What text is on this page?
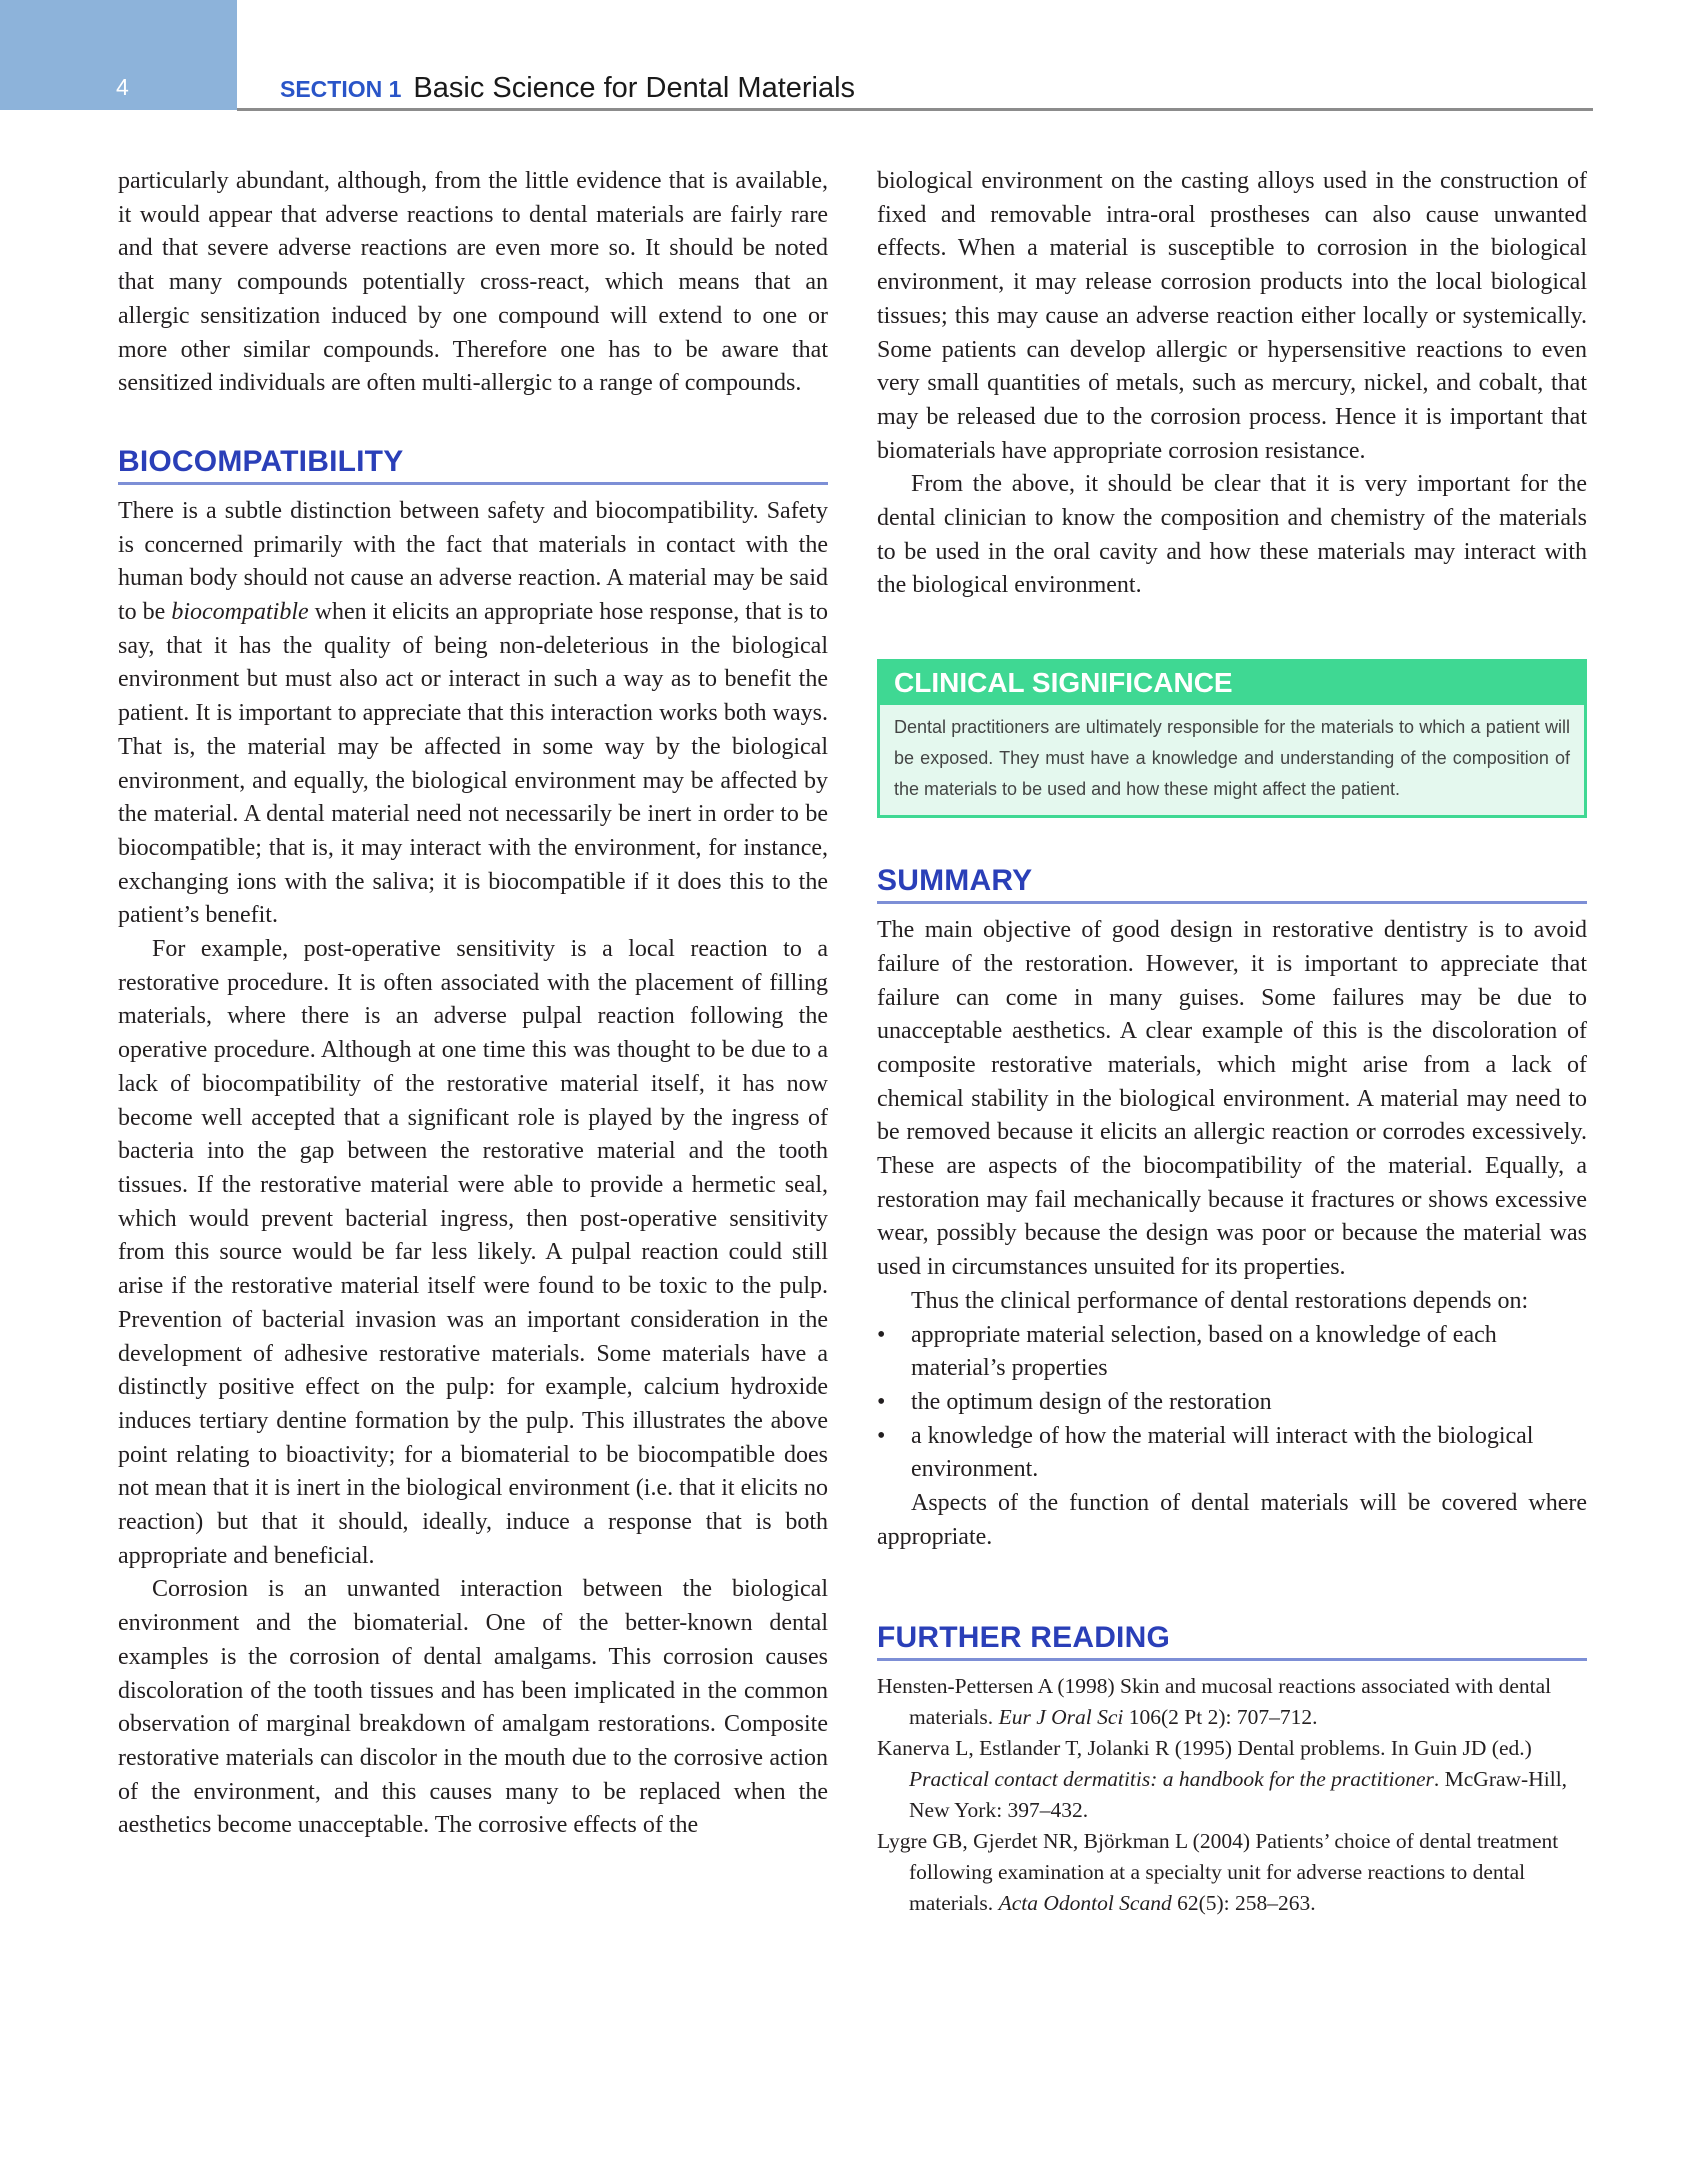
4	SECTION 1 Basic Science for Dental Materials

particularly abundant, although, from the little evidence that is available, it would appear that adverse reactions to dental materials are fairly rare and that severe adverse reactions are even more so. It should be noted that many compounds potentially cross-react, which means that an allergic sensitization induced by one compound will extend to one or more other similar compounds. Therefore one has to be aware that sensitized individuals are often multi-allergic to a range of compounds.

BIOCOMPATIBILITY

There is a subtle distinction between safety and biocompatibility. Safety is concerned primarily with the fact that materials in contact with the human body should not cause an adverse reaction. A material may be said to be biocompatible when it elicits an appropriate hose response, that is to say, that it has the quality of being non-deleterious in the biological environment but must also act or interact in such a way as to benefit the patient. It is important to appreciate that this interaction works both ways. That is, the material may be affected in some way by the biological environment, and equally, the biological environment may be affected by the material. A dental material need not necessarily be inert in order to be biocompatible; that is, it may interact with the environment, for instance, exchanging ions with the saliva; it is biocompatible if it does this to the patient’s benefit.

For example, post-operative sensitivity is a local reaction to a restorative procedure. It is often associated with the placement of filling materials, where there is an adverse pulpal reaction following the operative procedure. Although at one time this was thought to be due to a lack of biocompatibility of the restorative material itself, it has now become well accepted that a significant role is played by the ingress of bacteria into the gap between the restorative material and the tooth tissues. If the restorative material were able to provide a hermetic seal, which would prevent bacterial ingress, then post-operative sensitivity from this source would be far less likely. A pulpal reaction could still arise if the restorative material itself were found to be toxic to the pulp. Prevention of bacterial invasion was an important consideration in the development of adhesive restorative materials. Some materials have a distinctly positive effect on the pulp: for example, calcium hydroxide induces tertiary dentine formation by the pulp. This illustrates the above point relating to bioactivity; for a biomaterial to be biocompatible does not mean that it is inert in the biological environment (i.e. that it elicits no reaction) but that it should, ideally, induce a response that is both appropriate and beneficial.

Corrosion is an unwanted interaction between the biological environment and the biomaterial. One of the better-known dental examples is the corrosion of dental amalgams. This corrosion causes discoloration of the tooth tissues and has been implicated in the common observation of marginal breakdown of amalgam restorations. Composite restorative materials can discolor in the mouth due to the corrosive action of the environment, and this causes many to be replaced when the aesthetics become unacceptable. The corrosive effects of the

biological environment on the casting alloys used in the construction of fixed and removable intra-oral prostheses can also cause unwanted effects. When a material is susceptible to corrosion in the biological environment, it may release corrosion products into the local biological tissues; this may cause an adverse reaction either locally or systemically. Some patients can develop allergic or hypersensitive reactions to even very small quantities of metals, such as mercury, nickel, and cobalt, that may be released due to the corrosion process. Hence it is important that biomaterials have appropriate corrosion resistance.

From the above, it should be clear that it is very important for the dental clinician to know the composition and chemistry of the materials to be used in the oral cavity and how these materials may interact with the biological environment.

CLINICAL SIGNIFICANCE
Dental practitioners are ultimately responsible for the materials to which a patient will be exposed. They must have a knowledge and understanding of the composition of the materials to be used and how these might affect the patient.
SUMMARY

The main objective of good design in restorative dentistry is to avoid failure of the restoration. However, it is important to appreciate that failure can come in many guises. Some failures may be due to unacceptable aesthetics. A clear example of this is the discoloration of composite restorative materials, which might arise from a lack of chemical stability in the biological environment. A material may need to be removed because it elicits an allergic reaction or corrodes excessively. These are aspects of the biocompatibility of the material. Equally, a restoration may fail mechanically because it fractures or shows excessive wear, possibly because the design was poor or because the material was used in circumstances unsuited for its properties.

Thus the clinical performance of dental restorations depends on:

• appropriate material selection, based on a knowledge of each material’s properties
• the optimum design of the restoration
• a knowledge of how the material will interact with the biological environment.

Aspects of the function of dental materials will be covered where appropriate.

FURTHER READING
Hensten-Pettersen A (1998) Skin and mucosal reactions associated with dental materials. Eur J Oral Sci 106(2 Pt 2): 707–712.
Kanerva L, Estlander T, Jolanki R (1995) Dental problems. In Guin JD (ed.) Practical contact dermatitis: a handbook for the practitioner. McGraw-Hill, New York: 397–432.
Lygre GB, Gjerdet NR, Björkman L (2004) Patients’ choice of dental treatment following examination at a specialty unit for adverse reactions to dental materials. Acta Odontol Scand 62(5): 258–263.
